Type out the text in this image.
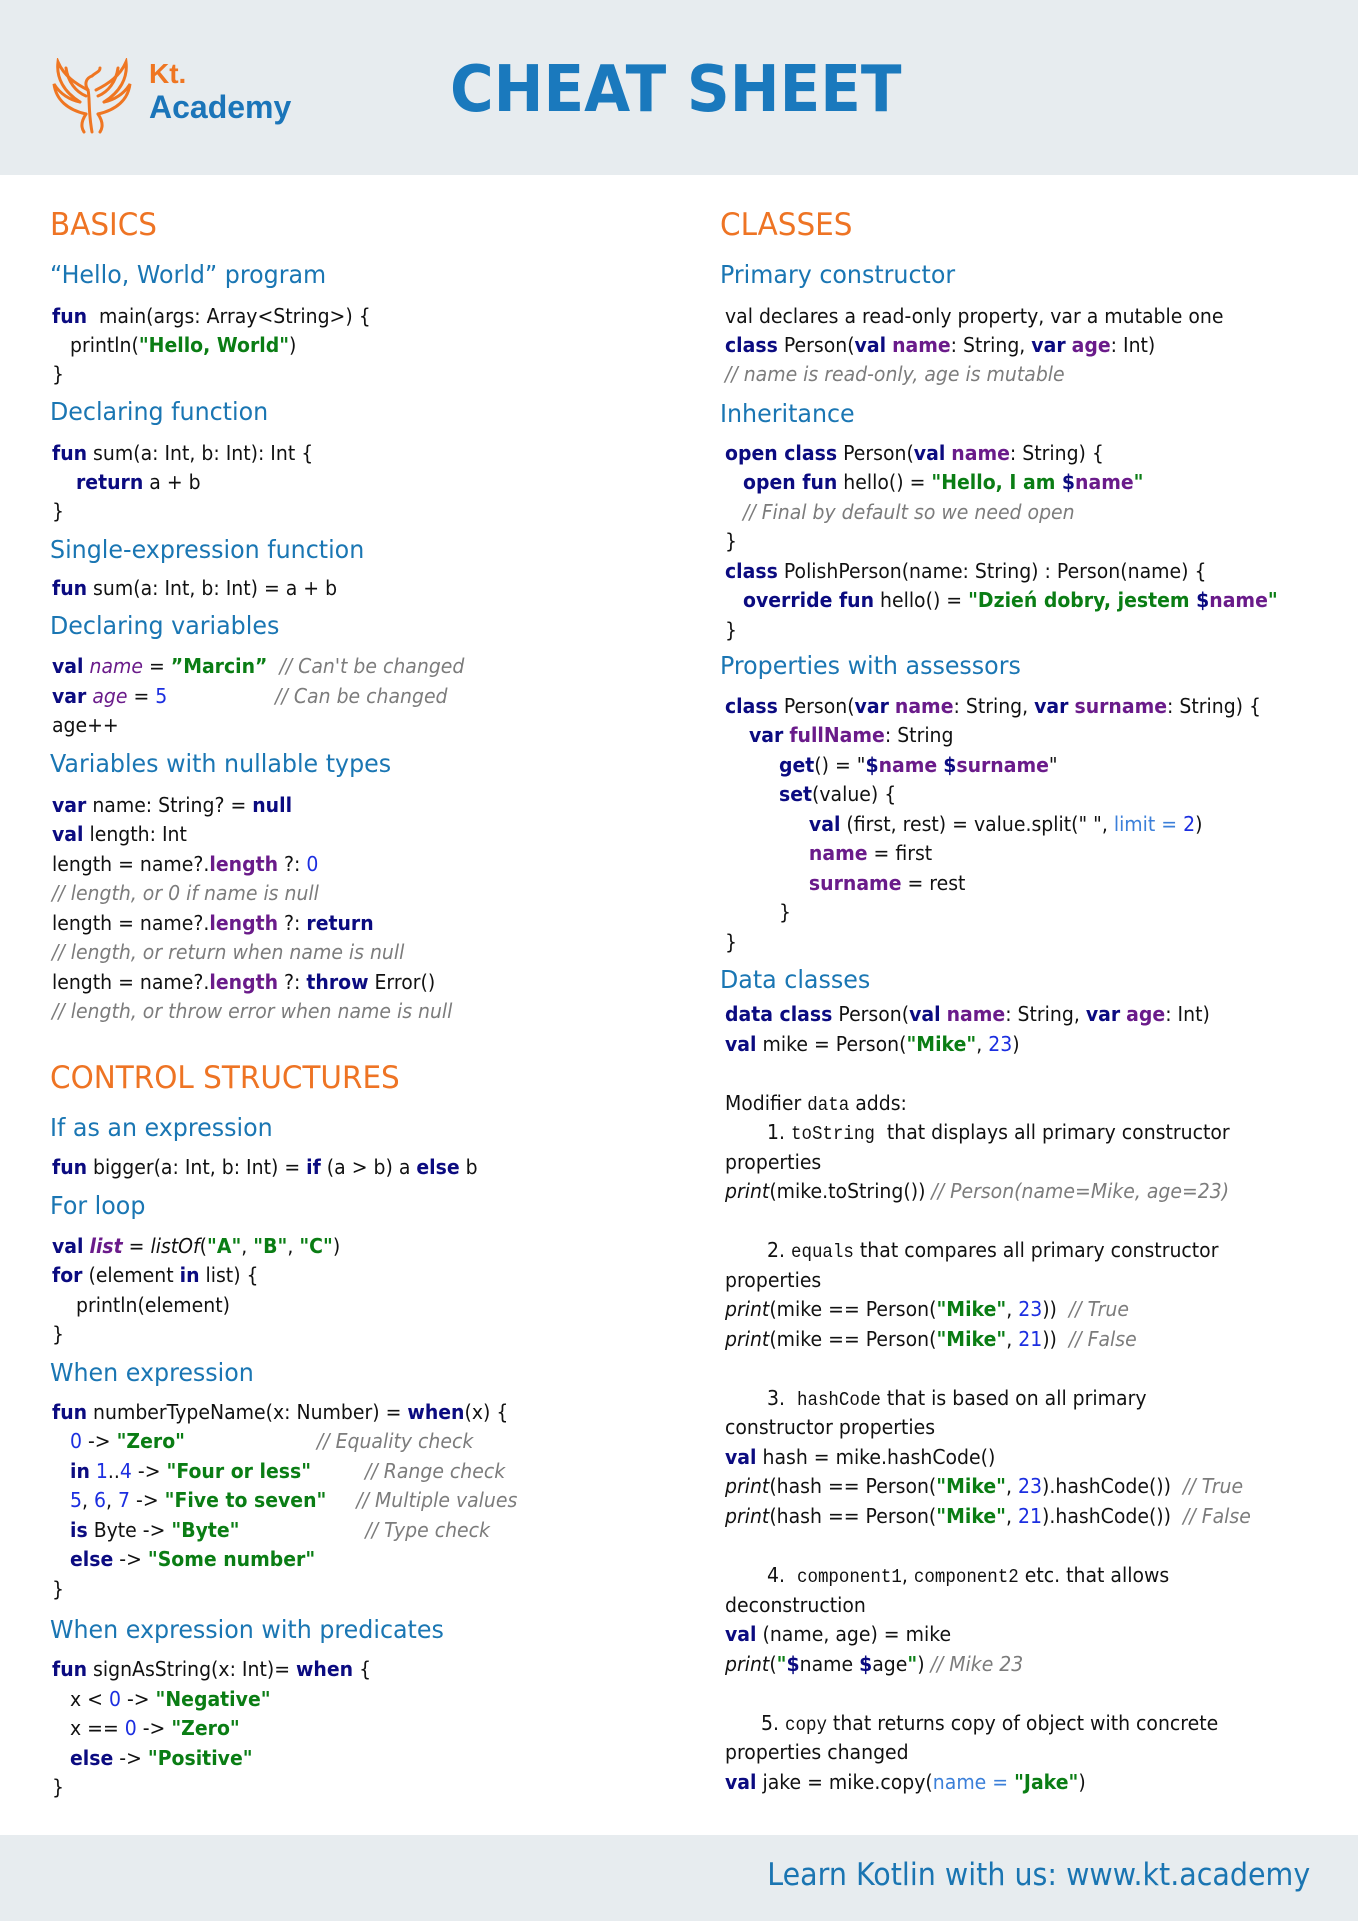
Kt.
Academy CHEAT SHEET
BASICS
“Hello, World” program
Declaring function
Single-expression function
Declaring variables
Variables with nullable types
CONTROL STRUCTURES
If as an expression
For loop
When expression
When expression with predicates
CLASSES
Primary constructor
Inheritance
Properties with assessors
Data classes
fun  main(args: Array<String>) {
println("Hello, World")
}
fun sum(a: Int, b: Int): Int {
return a + b
}
fun sum(a: Int, b: Int) = a + b
val name = ”Marcin” // Can't be changed
var age = 5	// Can be changed
age++
var name: String? = null
val length: Int
length = name?.length ?: 0
// length, or 0 if name is null
length = name?.length ?: return
// length, or return when name is null
length = name?.length ?: throw Error()
// length, or throw error when name is null
fun bigger(a: Int, b: Int) = if (a > b) a else b
val list = listOf("A", "B", "C")
for (element in list) {
println(element)
}
fun numberTypeName(x: Number) = when(x) {
0 -> "Zero"	// Equality check
in 1..4 -> "Four or less"	// Range check
5, 6, 7 -> "Five to seven" // Multiple values
is Byte -> "Byte"	// Type check
else -> "Some number"
}
fun signAsString(x: Int)= when {
x < 0 -> "Negative"
x == 0 -> "Zero"
else -> "Positive"
}
val declares a read-only property, var a mutable one
class Person(val name: String, var age: Int)
// name is read-only, age is mutable
open class Person(val name: String) {
open fun hello() = "Hello, I am $name"
// Final by default so we need open
}
class PolishPerson(name: String) : Person(name) {
override fun hello() = "Dzień dobry, jestem $name"
}
class Person(var name: String, var surname: String) {
var fullName: String
get() = "$name $surname"
set(value) {
val (first, rest) = value.split(" ", limit = 2)
name = first
surname = rest
}
}
data class Person(val name: String, var age: Int)
val mike = Person("Mike", 23)
Modifier data adds:
1. toString  that displays all primary constructor
properties
print(mike.toString()) // Person(name=Mike, age=23)
2. equals that compares all primary constructor
properties
print(mike == Person("Mike", 23))  // True
print(mike == Person("Mike", 21))  // False
3.  hashCode that is based on all primary
constructor properties
val hash = mike.hashCode()
print(hash == Person("Mike", 23).hashCode())  // True
print(hash == Person("Mike", 21).hashCode())  // False
4.  component1, component2 etc. that allows
deconstruction
val (name, age) = mike
print("$name $age") // Mike 23
5. copy that returns copy of object with concrete
properties changed
val jake = mike.copy(name = "Jake")
Learn Kotlin with us: www.kt.academy
